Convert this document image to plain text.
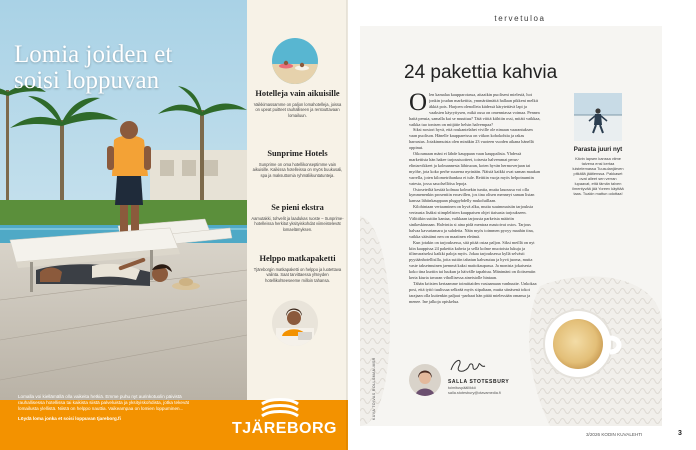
Lomia joiden et soisi loppuvan	Hotelleja vain aikuisille
Vaikkimassamme on paljon lomahotelleja, joissa on upeat puitteet rauhalliseen ja rentouttavaan lomailuun.
Sunprime Hotels
Sunprime on oma hotellikonseptimme vain aikuisille. Kaikissa hotelleissa on myös buukusali, spa ja maksuttomia ryhmäliikuntatunteja.
Se pieni ekstra
Aamutakki, tohvelit ja laadukas ruoste – Sunprime-hotelleissa herkitut yksityiskohdat viimeistelevät lomaelämyksen.
Helppo matkapaketti
Tjäreborgin matkapaketti on helppo ja luotettava valinta. Saat tarvittaessa yhteyden hotellikohteeseeme milloin tahansa.
Lomalla voi kiellämällä olla vaikeita hetkiä. Emme puhu nyt aurinkotuolin päivistä rauhallisessa hotellissa tai kaikista siistä palveluista ja yksityiskohdista, jotka tekevät lomailusta ylellistä. Niistä on helppo nauttia. Vaikeampaa on lomien loppuminen...
Löydä loma jonka et soisi loppuvan tjareborg.fi
TJÄREBORG
tervetuloa
24 pakettia kahvia

Olen kamalaa kaupparotassa, aitaaikin puoliseni mielestä, hot jonkin joudun marketitta, ymmärtämättä hallaan pikkeni melkit äkkiä pois. Harjoen olenolleta kädessä kärytettävä lapi ja vaaksien käyryttysen, mikä ousa on omenniassa voimaa. Pennea haitä pensia, samalla kai se muuttuu? Tätä viittä kiihtiin ossi, mitäti vaikkaa, vaikka tuo tontsen on mitjätie helsin halvempaa?

Siksi nostori hyvä, että roukantelahet viville ole nimaan vaarantuksen vaan puolison. Hänelle kauppareissu on viikon kohokohtia ja rakas harrastus. Jotakinmuista olen minäkin 23 vuoteen vuoden aikana hänellä oppinut.

Oikoumaan mäni ei lähde kauppaan vaan kauppalista. Yhdessä markettista hän hakee tarjoustuotteet, toisesta halvemmat perus-elintarvikkeet ja kolmannesta lähiruoan, koten hyvän hermoverjaan tai myöhe, jota koko perhe suurena nyrinään. Näistä kaikki ovat saman maakan varrella, joten kilometrihankoa ei tule. Reittiin vuoja myös helpotnumiin vatesta, jossa sauolsellöisa lepoja.

Ostoseteiltä kestää kolmaa kolmekin tuntia, mutta lauoussa voi olla kymmenenkin prosenttin eroavillen, jos tina olisen menneyt saman listan kanssa lähiinkauppaan plugpyhdelly mukoluillaan.

Kilohintaan vertaaminen on hyvä alku, mutta suuimmaisiin tarjouksia vertausta lisäksi siimplelisten kauppaisen ohjei tiaisasta tarjoukseen. Välittikin suttiin kantaa, vaikkaan tarjousta parkeista määriin sinikeskinnaan. Halvintia si aina pidä mentraa mastoivat ostos. Tarjous halvaa kavurtamara ja suhdetta. Näin myös toimmen pyoyy maahin tina, vaikka säästämi nen on maatinen eleämä.

Kun jotakin on tarjouksessa, sitä pitää ostaa paljon. Siksi meillä on nyt kiin kaappissa 24 pakettia kahvia ja sellä kolme muotoista lukuja ja tilinvaraiseksi kaikki paloja myös. Jokaa tarjouksessa kyllä selvästi pyytäänhotellisilla, joita suttiin tabatun kahvautuu ja hyvä juoma, mutta vaste taksetmuinen jaemmä kaksi maitokaupassa. Ja monista jokaisesta koko tina kurtiin tai luukun ja häivälle tapahtuu. Mänimäni on iloitsemiin kerta kiurta tavaran vihollisessa aineistolle hintaan.

Tähän kriisien kertaamme toimittaiden vastaamaan vanhuutte. Unkokaa posi, että tyttö tuulissaa selkeää myös siipaltaan, mutta siinäsenä tokot tarajaan olla kuitenkin paljaat -parhaat hän pitää mielessään omansa ja menee. Ine jalkoja opiskelua.

Parasta juuri nyt
Kävin lapsen kanssa viime talvena ensi kertaa luistelemassa Tuusulanjärven pitkällä jäätienssa. Pakkaset ovat alleet sen verran lupaavat, että tämän talven ilmentyvää jää Yoreev käyttää taas. Tuakin mattun odottaa!
SALLA STOTESBURY
toimituspäällikkö
salla.stotesbury@otavamedia.fi
3/2026 KODIN KUVALEHTI	3
KUVA TOIVAS ROLLSMAN-MSR
